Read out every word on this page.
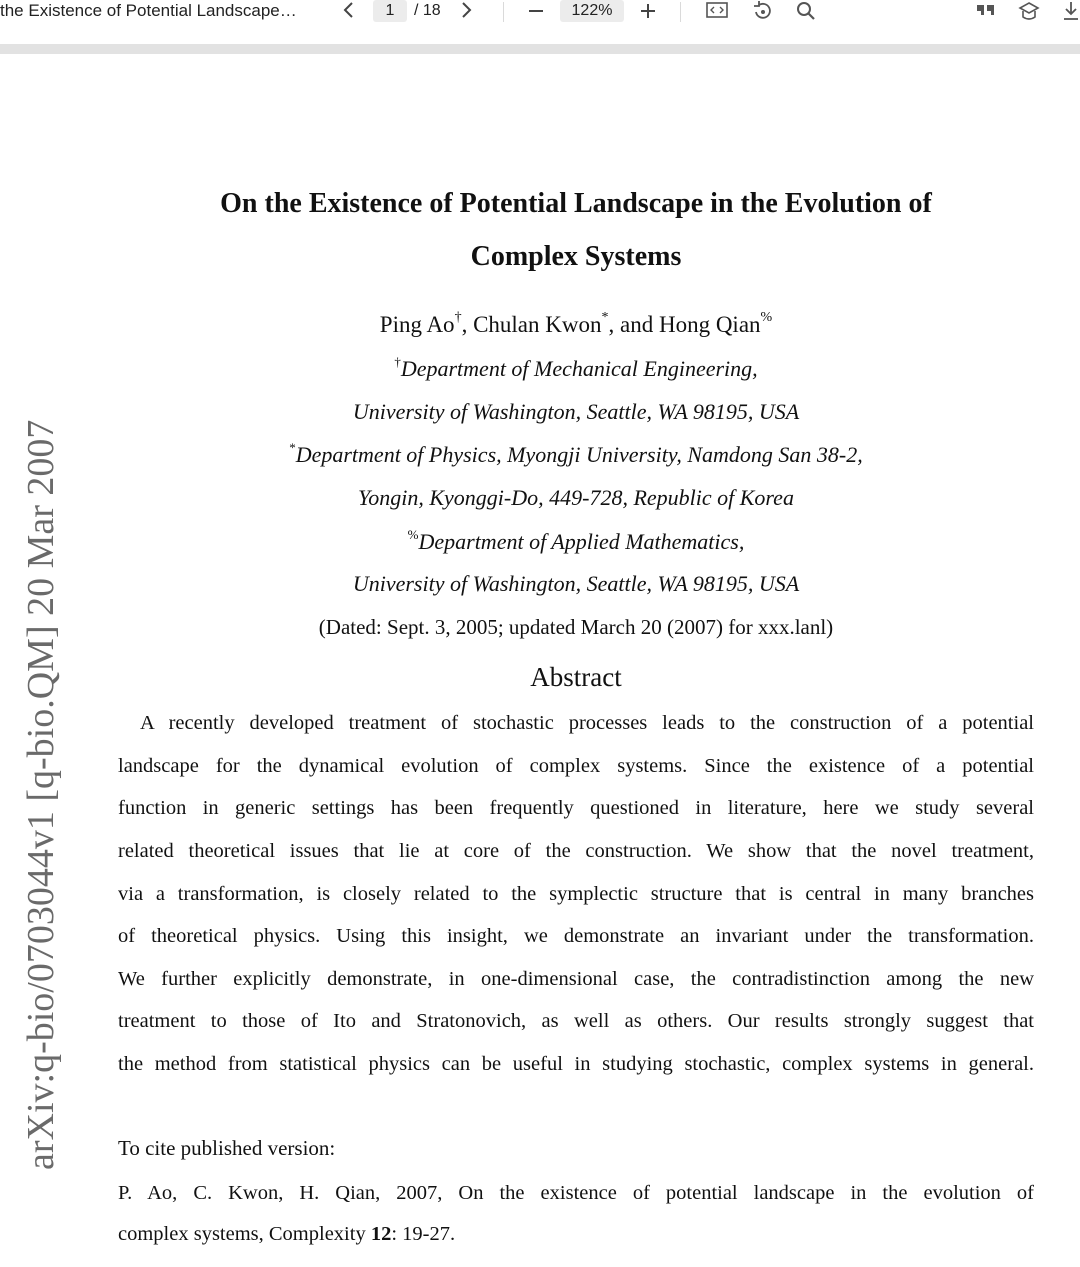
the Existence of Potential Landscape…	1	/ 18	122%
arXiv:q-bio/0703044v1 [q-bio.QM] 20 Mar 2007
On the Existence of Potential Landscape in the Evolution of
Complex Systems
Ping Ao†, Chulan Kwon*, and Hong Qian%
†Department of Mechanical Engineering,
University of Washington, Seattle, WA 98195, USA
*Department of Physics, Myongji University, Namdong San 38-2,
Yongin, Kyonggi-Do, 449-728, Republic of Korea
%Department of Applied Mathematics,
University of Washington, Seattle, WA 98195, USA
(Dated: Sept. 3, 2005; updated March 20 (2007) for xxx.lanl)
Abstract
A recently developed treatment of stochastic processes leads to the construction of a potential
landscape for the dynamical evolution of complex systems. Since the existence of a potential
function in generic settings has been frequently questioned in literature, here we study several
related theoretical issues that lie at core of the construction. We show that the novel treatment,
via a transformation, is closely related to the symplectic structure that is central in many branches
of theoretical physics. Using this insight, we demonstrate an invariant under the transformation.
We further explicitly demonstrate, in one-dimensional case, the contradistinction among the new
treatment to those of Ito and Stratonovich, as well as others. Our results strongly suggest that
the method from statistical physics can be useful in studying stochastic, complex systems in general.
To cite published version:
P. Ao, C. Kwon, H. Qian, 2007, On the existence of potential landscape in the evolution of
complex systems, Complexity 12: 19-27.
